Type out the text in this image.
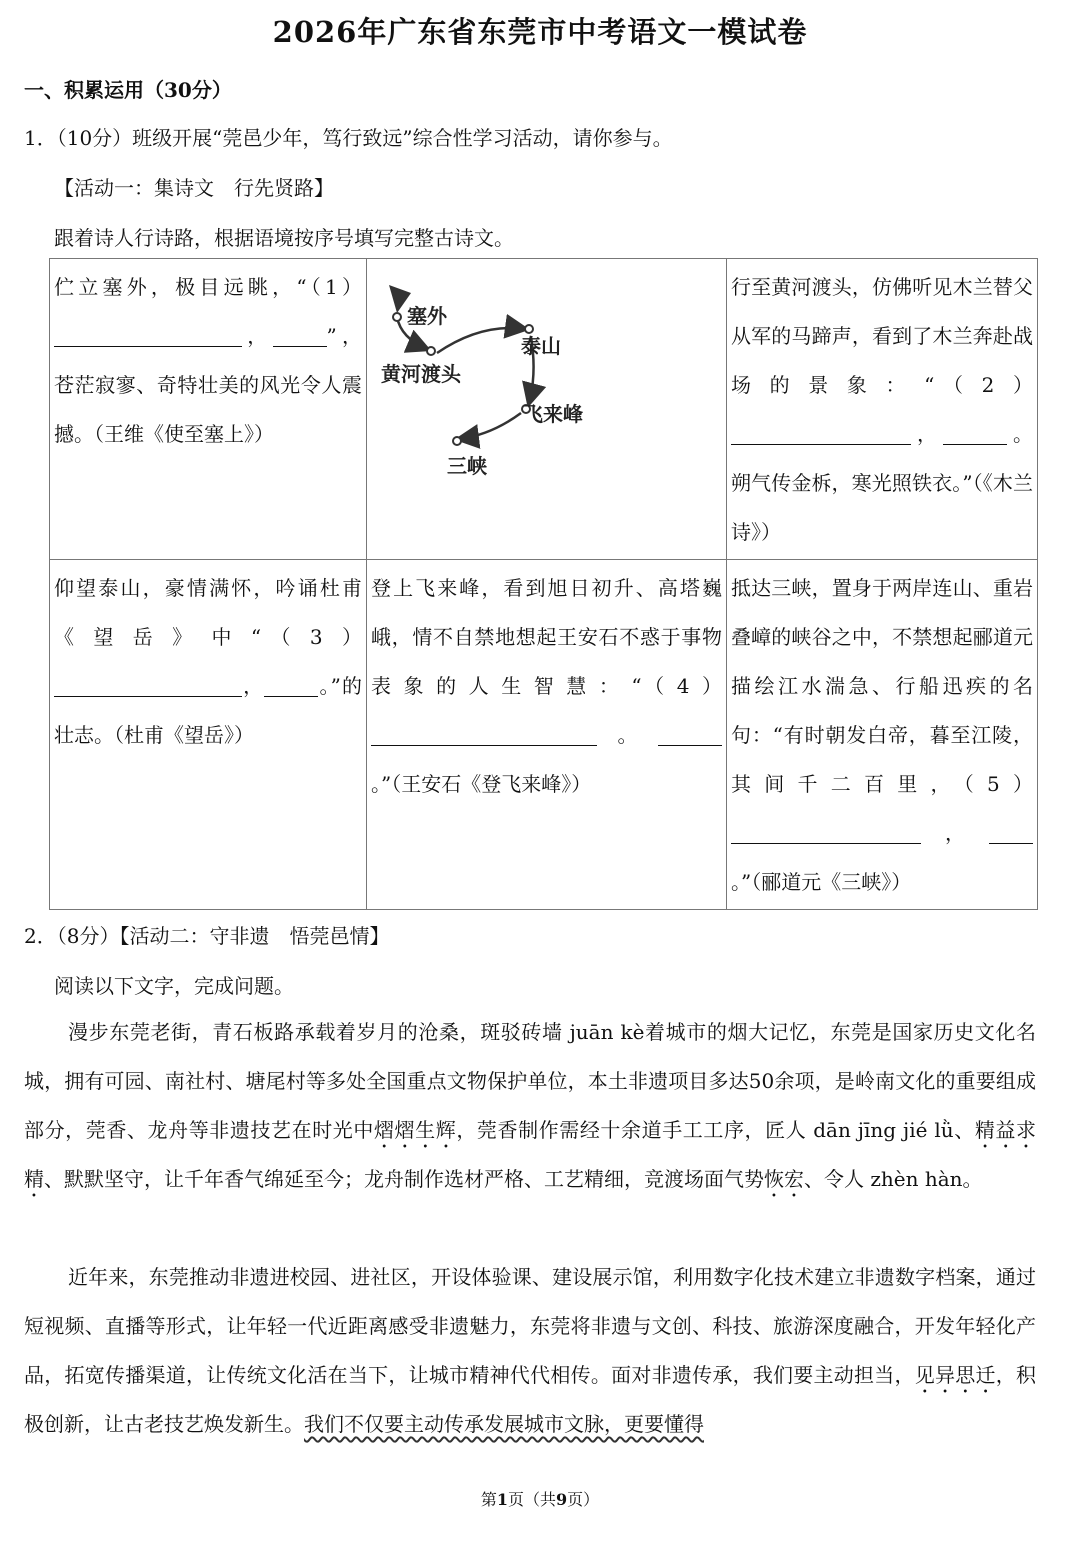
2026年广东省东莞市中考语文一模试卷
一、积累运用（30分）
1．（10分）班级开展“莞邑少年，笃行致远”综合性学习活动，请你参与。
【活动一：集诗文　行先贤路】
跟着诗人行诗路，根据语境按序号填写完整古诗文。
伫立塞外，极目远眺，“（1）， ”，苍茫寂寥、奇特壮美的风光令人震撼。（王维《使至塞上》）	塞外
黄河渡头
泰山
飞来峰
三峡	行至黄河渡头，仿佛听见木兰替父从军的马蹄声，看到了木兰奔赴战场的景象：“（2）， 。朔气传金柝，寒光照铁衣。”（《木兰诗》）
仰望泰山，豪情满怀，吟诵杜甫《望岳》中“（3）， 。”的壮志。（杜甫《望岳》）	登上飞来峰，看到旭日初升、高塔巍峨，情不自禁地想起王安石不惑于事物表象的人生智慧：“（4）。。”（王安石《登飞来峰》）	抵达三峡，置身于两岸连山、重岩叠嶂的峡谷之中，不禁想起郦道元描绘江水湍急、行船迅疾的名句：“有时朝发白帝，暮至江陵，其间千二百里，（5），。”（郦道元《三峡》）
2．（8分）【活动二：守非遗　悟莞邑情】
阅读以下文字，完成问题。
漫步东莞老街，青石板路承载着岁月的沧桑，斑驳砖墙 juān kè着城市的烟大记忆，东莞是国家历史文化名城，拥有可园、南社村、塘尾村等多处全国重点文物保护单位，本土非遗项目多达50余项，是岭南文化的重要组成部分，莞香、龙舟等非遗技艺在时光中熠熠生辉，莞香制作需经十余道手工工序，匠人 dān jīng jié lǜ、精益求精、默默坚守，让千年香气绵延至今；龙舟制作选材严格、工艺精细，竞渡场面气势恢宏、令人 zhèn hàn。
近年来，东莞推动非遗进校园、进社区，开设体验课、建设展示馆，利用数字化技术建立非遗数字档案，通过短视频、直播等形式，让年轻一代近距离感受非遗魅力，东莞将非遗与文创、科技、旅游深度融合，开发年轻化产品，拓宽传播渠道，让传统文化活在当下，让城市精神代代相传。面对非遗传承，我们要主动担当，见异思迁，积极创新，让古老技艺焕发新生。我们不仅要主动传承发展城市文脉，更要懂得
第1页（共9页）
